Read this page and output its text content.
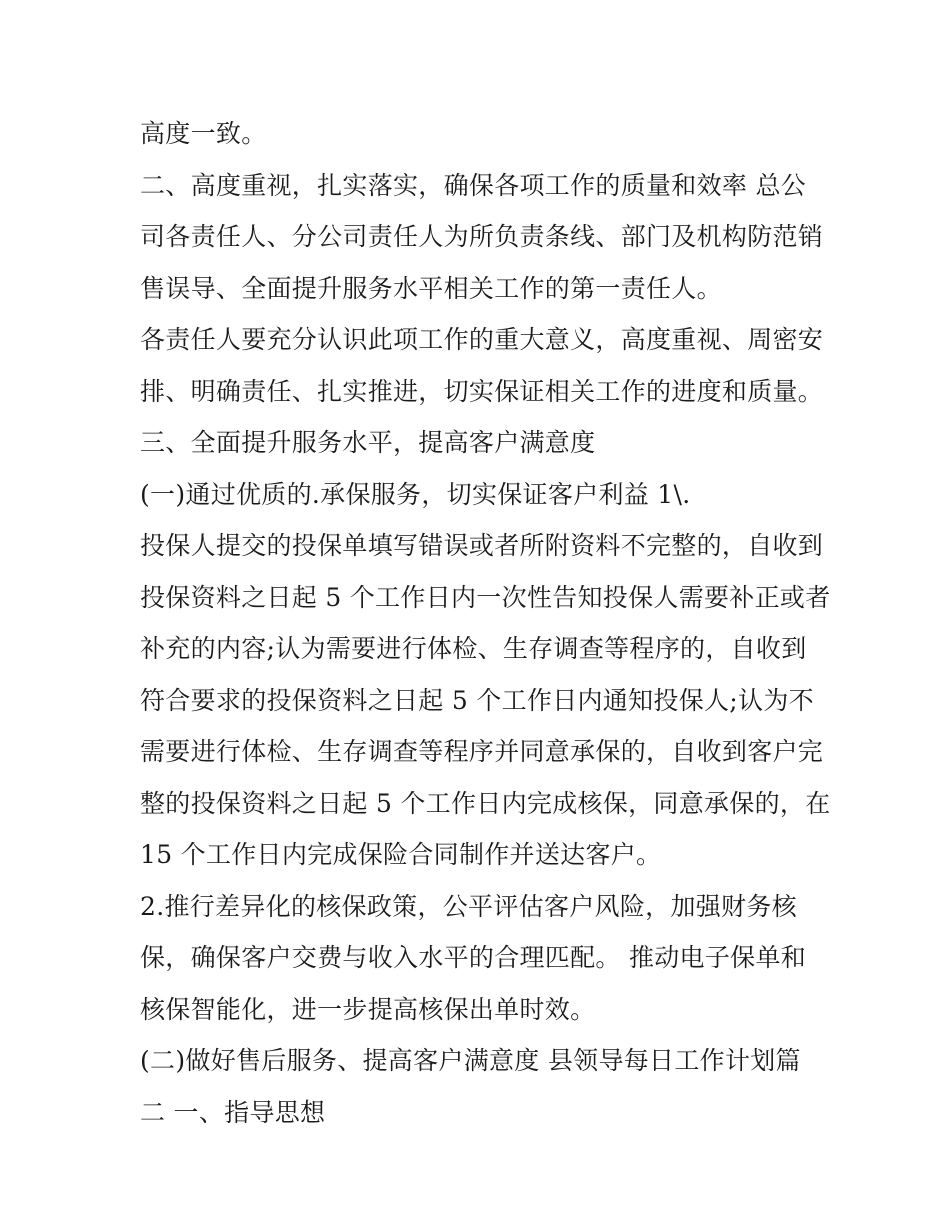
高度一致。
二、高度重视，扎实落实，确保各项工作的质量和效率 总公
司各责任人、分公司责任人为所负责条线、部门及机构防范销
售误导、全面提升服务水平相关工作的第一责任人。
各责任人要充分认识此项工作的重大意义，高度重视、周密安
排、明确责任、扎实推进，切实保证相关工作的进度和质量。
三、全面提升服务水平，提高客户满意度
(一)通过优质的.承保服务，切实保证客户利益 1\.
投保人提交的投保单填写错误或者所附资料不完整的，自收到
投保资料之日起 5 个工作日内一次性告知投保人需要补正或者
补充的内容;认为需要进行体检、生存调查等程序的，自收到
符合要求的投保资料之日起 5 个工作日内通知投保人;认为不
需要进行体检、生存调查等程序并同意承保的，自收到客户完
整的投保资料之日起 5 个工作日内完成核保，同意承保的，在
15 个工作日内完成保险合同制作并送达客户。
2.推行差异化的核保政策，公平评估客户风险，加强财务核
保，确保客户交费与收入水平的合理匹配。 推动电子保单和
核保智能化，进一步提高核保出单时效。
(二)做好售后服务、提高客户满意度 县领导每日工作计划篇
二 一、指导思想
